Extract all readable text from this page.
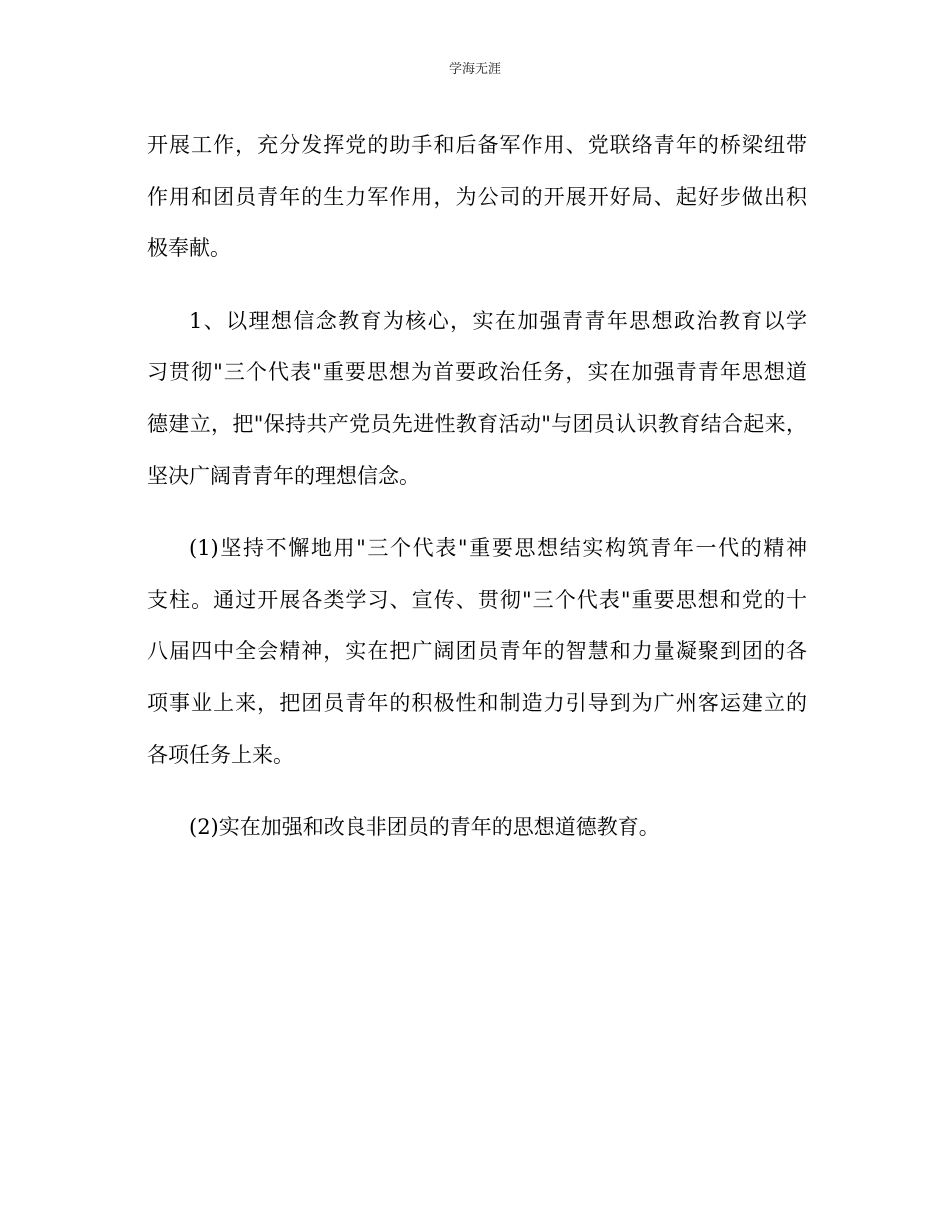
学海无涯
开展工作，充分发挥党的助手和后备军作用、党联络青年的桥梁纽带
作用和团员青年的生力军作用，为公司的开展开好局、起好步做出积
极奉献。
1、以理想信念教育为核心，实在加强青青年思想政治教育以学
习贯彻"三个代表"重要思想为首要政治任务，实在加强青青年思想道
德建立，把"保持共产党员先进性教育活动"与团员认识教育结合起来，
坚决广阔青青年的理想信念。
(1)坚持不懈地用"三个代表"重要思想结实构筑青年一代的精神
支柱。通过开展各类学习、宣传、贯彻"三个代表"重要思想和党的十
八届四中全会精神，实在把广阔团员青年的智慧和力量凝聚到团的各
项事业上来，把团员青年的积极性和制造力引导到为广州客运建立的
各项任务上来。
(2)实在加强和改良非团员的青年的思想道德教育。
